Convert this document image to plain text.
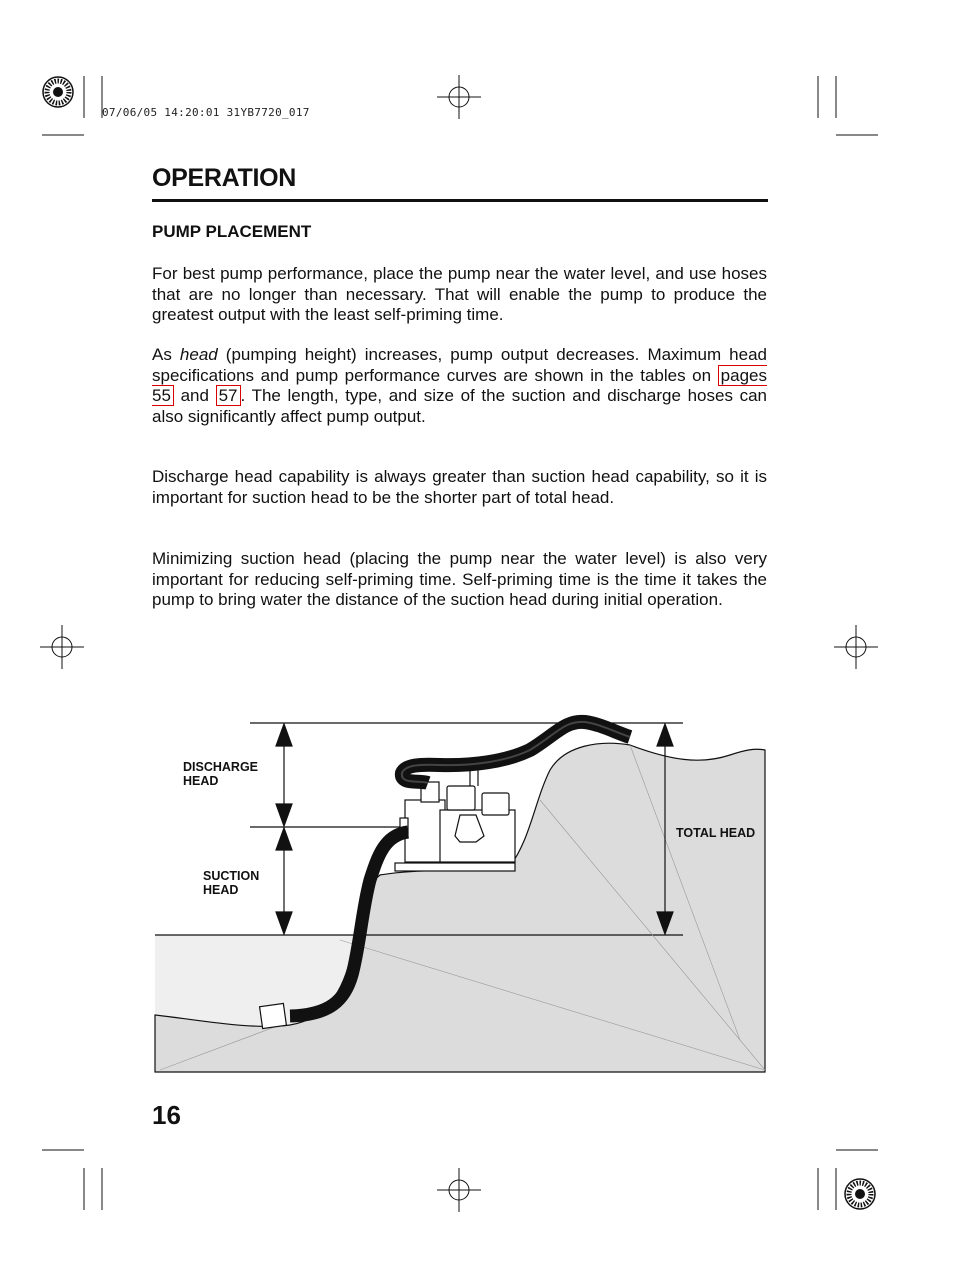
07/06/05 14:20:01 31YB7720_017
OPERATION
PUMP PLACEMENT

For best pump performance, place the pump near the water level, and use hoses that are no longer than necessary. That will enable the pump to produce the greatest output with the least self-priming time.

As head (pumping height) increases, pump output decreases. Maximum head specifications and pump performance curves are shown in the tables on pages 55 and 57 . The length, type, and size of the suction and discharge hoses can also significantly affect pump output.

Discharge head capability is always greater than suction head capability, so it is important for suction head to be the shorter part of total head.

Minimizing suction head (placing the pump near the water level) is also very important for reducing self-priming time. Self-priming time is the time it takes the pump to bring water the distance of the suction head during initial operation.

DISCHARGE
HEAD
SUCTION
HEAD
TOTAL HEAD
16
